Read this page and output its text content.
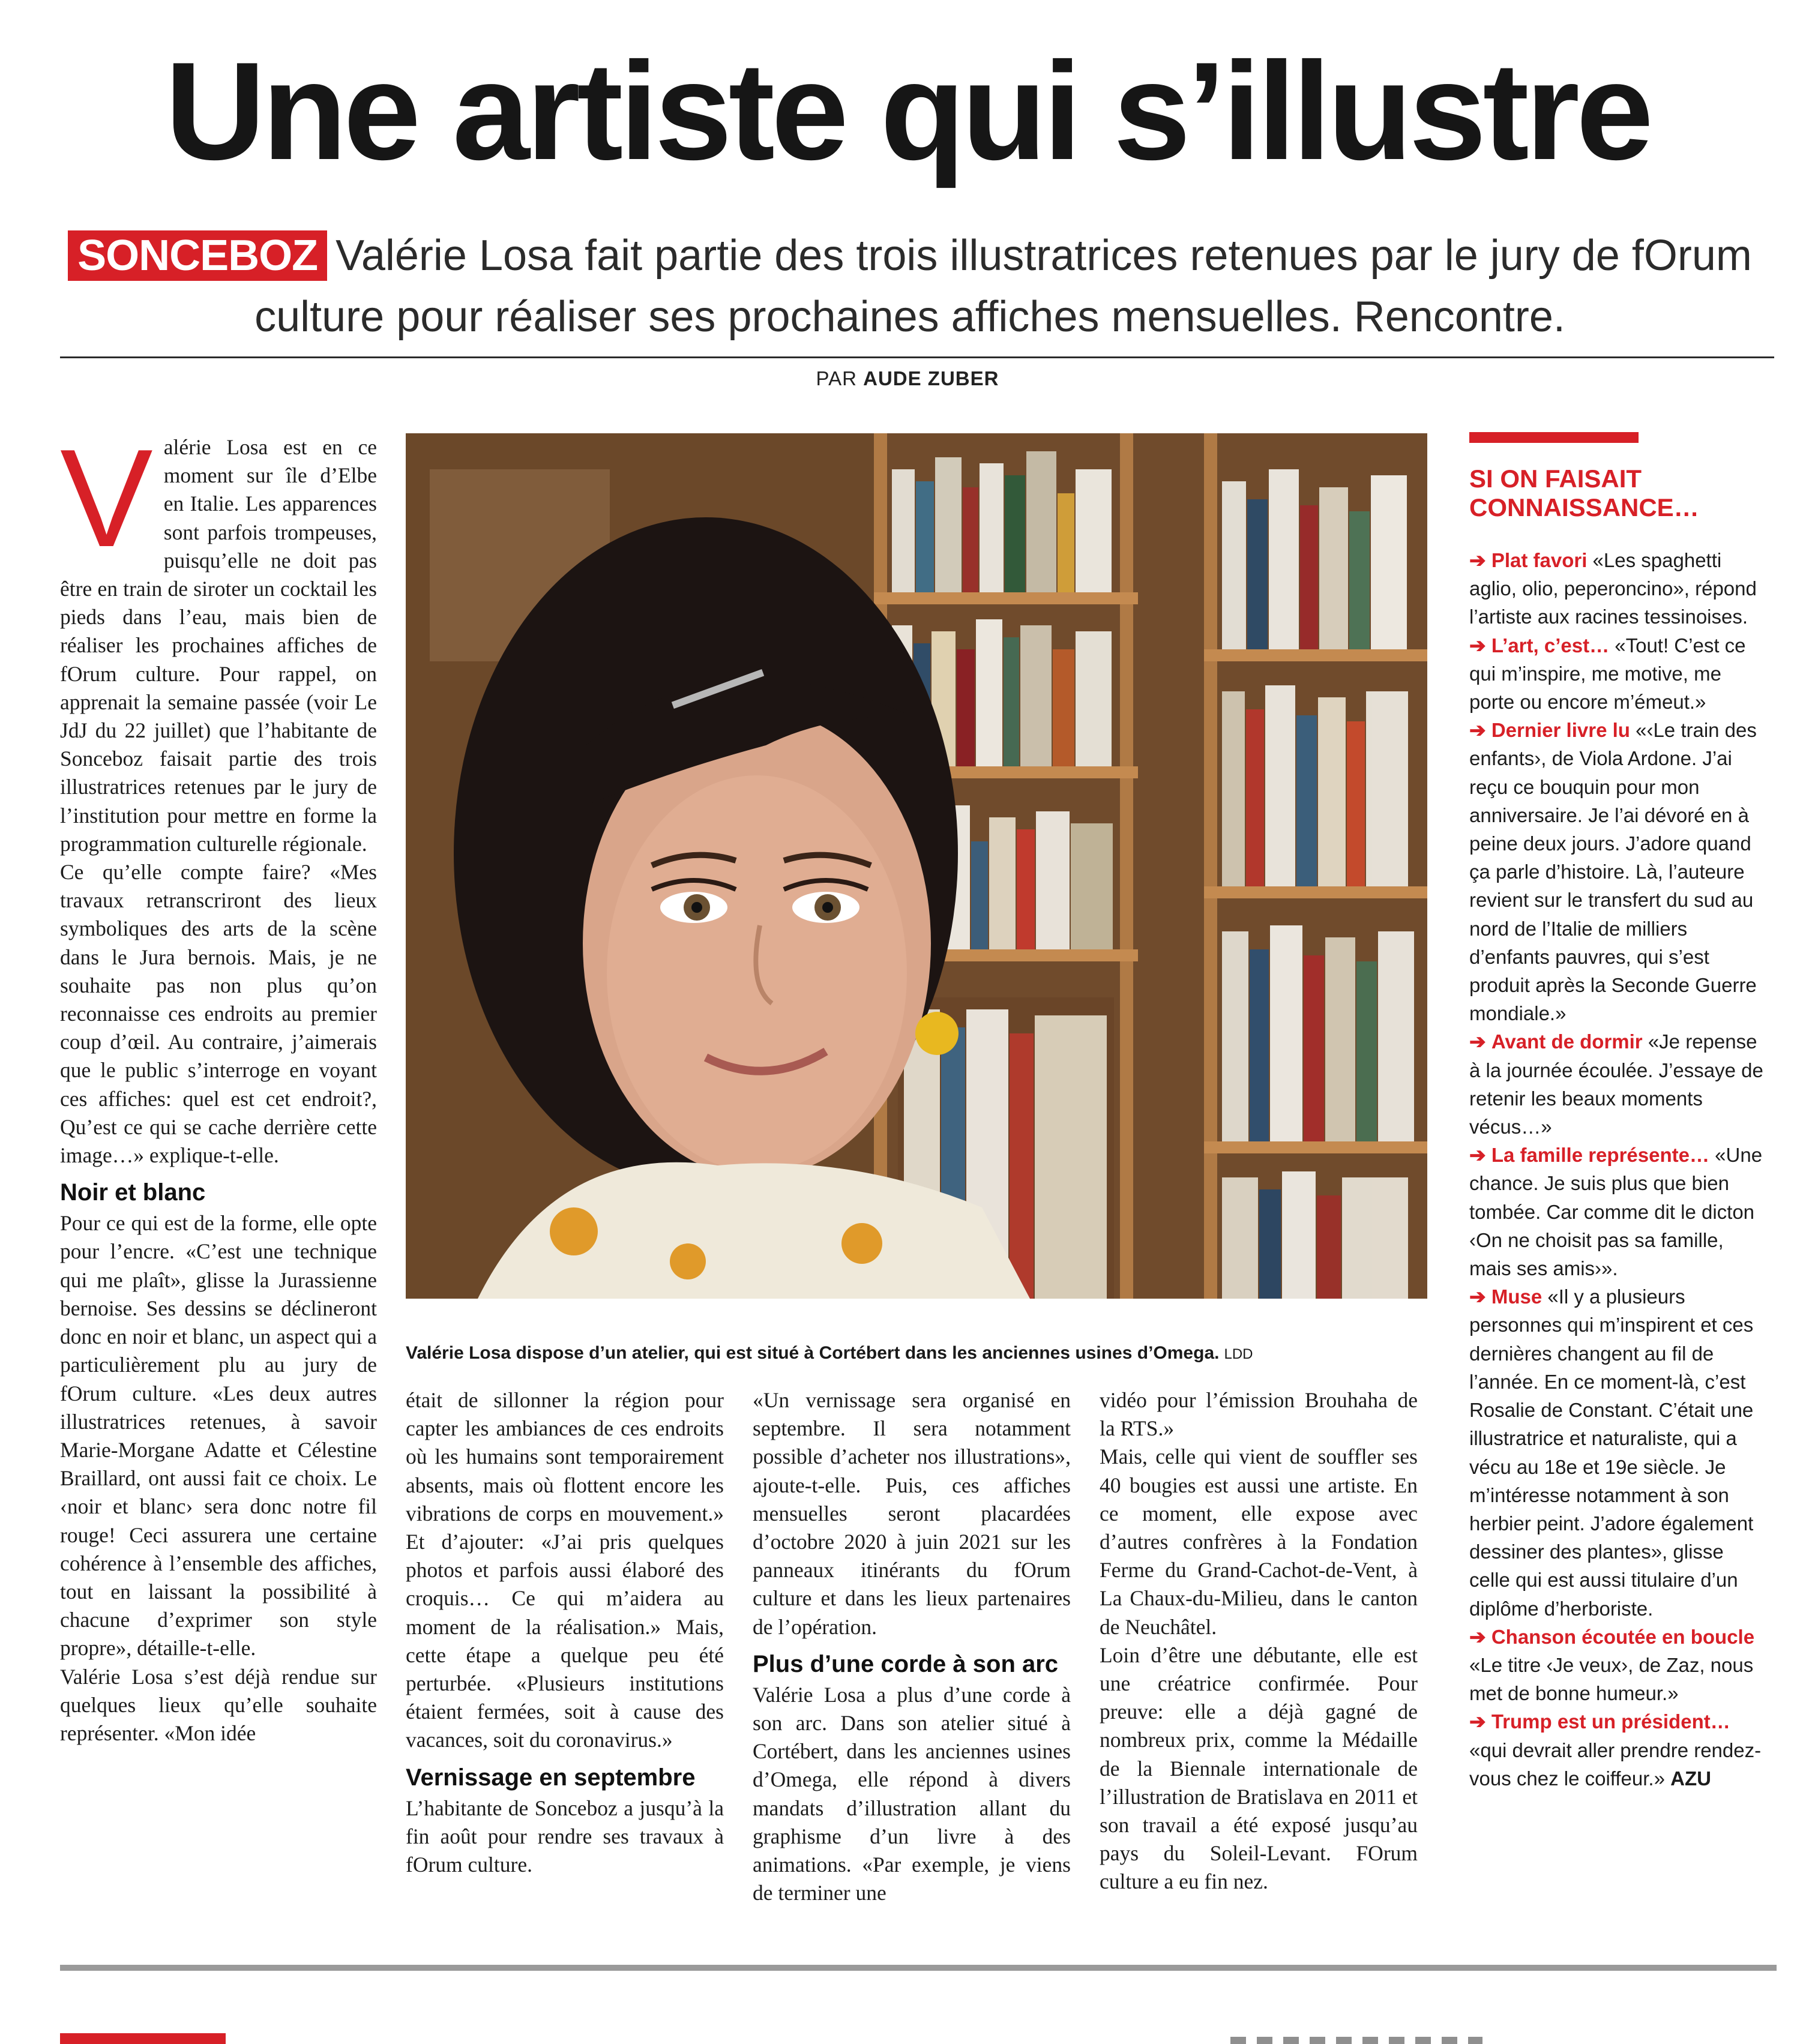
Une artiste qui s’illustre
SONCEBOZ Valérie Losa fait partie des trois illustratrices retenues par le jury de fOrum
culture pour réaliser ses prochaines affiches mensuelles. Rencontre.
PAR AUDE ZUBER
V alérie Losa est en ce moment sur île d’Elbe en Italie. Les apparences sont parfois trompeuses, puisqu’elle ne doit pas être en train de siroter un cocktail les pieds dans l’eau, mais bien de réaliser les prochaines affiches de fOrum culture. Pour rappel, on apprenait la semaine passée (voir Le JdJ du 22 juillet) que l’habitante de Sonceboz faisait partie des trois illustratrices retenues par le jury de l’institution pour mettre en forme la programmation culturelle régionale.

Ce qu’elle compte faire? «Mes travaux retranscriront des lieux symboliques des arts de la scène dans le Jura bernois. Mais, je ne souhaite pas non plus qu’on reconnaisse ces endroits au premier coup d’œil. Au contraire, j’aimerais que le public s’interroge en voyant ces affiches: quel est cet endroit?, Qu’est ce qui se cache derrière cette image…» explique-t-elle.

Noir et blanc

Pour ce qui est de la forme, elle opte pour l’encre. «C’est une technique qui me plaît», glisse la Jurassienne bernoise. Ses dessins se déclineront donc en noir et blanc, un aspect qui a particulièrement plu au jury de fOrum culture. «Les deux autres illustratrices retenues, à savoir Marie-Morgane Adatte et Célestine Braillard, ont aussi fait ce choix. Le ‹noir et blanc› sera donc notre fil rouge! Ceci assurera une certaine cohérence à l’ensemble des affiches, tout en laissant la possibilité à chacune d’exprimer son style propre», détaille-t-elle.

Valérie Losa s’est déjà rendue sur quelques lieux qu’elle souhaite représenter. «Mon idée

Valérie Losa dispose d’un atelier, qui est situé à Cortébert dans les anciennes usines d’Omega. LDD

était de sillonner la région pour capter les ambiances de ces endroits où les humains sont temporairement absents, mais où flottent encore les vibrations de corps en mouvement.» Et d’ajouter: «J’ai pris quelques photos et parfois aussi élaboré des croquis… Ce qui m’aidera au moment de la réalisation.» Mais, cette étape a quelque peu été perturbée. «Plusieurs institutions étaient fermées, soit à cause des vacances, soit du coronavirus.»

Vernissage en septembre

L’habitante de Sonceboz a jusqu’à la fin août pour rendre ses travaux à fOrum culture.

«Un vernissage sera organisé en septembre. Il sera notamment possible d’acheter nos illustrations», ajoute-t-elle. Puis, ces affiches mensuelles seront placardées d’octobre 2020 à juin 2021 sur les panneaux itinérants du fOrum culture et dans les lieux partenaires de l’opération.

Plus d’une corde à son arc

Valérie Losa a plus d’une corde à son arc. Dans son atelier situé à Cortébert, dans les anciennes usines d’Omega, elle répond à divers mandats d’illustration allant du graphisme d’un livre à des animations. «Par exemple, je viens de terminer une

vidéo pour l’émission Brouhaha de la RTS.»

Mais, celle qui vient de souffler ses 40 bougies est aussi une artiste. En ce moment, elle expose avec d’autres confrères à la Fondation Ferme du Grand-Cachot-de-Vent, à La Chaux-du-Milieu, dans le canton de Neuchâtel.

Loin d’être une débutante, elle est une créatrice confirmée. Pour preuve: elle a déjà gagné de nombreux prix, comme la Médaille de la Biennale internationale de l’illustration de Bratislava en 2011 et son travail a été exposé jusqu’au pays du Soleil-Levant. FOrum culture a eu fin nez.

SI ON FAISAIT
CONNAISSANCE…
➔ Plat favori «Les spaghetti aglio, olio, peperoncino», répond l’artiste aux racines tessinoises.
➔ L’art, c’est… «Tout! C’est ce qui m’inspire, me motive, me porte ou encore m’émeut.»
➔ Dernier livre lu «‹Le train des enfants›, de Viola Ardone. J’ai reçu ce bouquin pour mon anniversaire. Je l’ai dévoré en à peine deux jours. J’adore quand ça parle d’histoire. Là, l’auteure revient sur le transfert du sud au nord de l’Italie de milliers d’enfants pauvres, qui s’est produit après la Seconde Guerre mondiale.»
➔ Avant de dormir «Je repense à la journée écoulée. J’essaye de retenir les beaux moments vécus…»
➔ La famille représente… «Une chance. Je suis plus que bien tombée. Car comme dit le dicton ‹On ne choisit pas sa famille, mais ses amis›».
➔ Muse «Il y a plusieurs personnes qui m’inspirent et ces dernières changent au fil de l’année. En ce moment-là, c’est Rosalie de Constant. C’était une illustratrice et naturaliste, qui a vécu au 18e et 19e siècle. Je m’intéresse notamment à son herbier peint. J’adore également dessiner des plantes», glisse celle qui est aussi titulaire d’un diplôme d’herboriste.
➔ Chanson écoutée en boucle «Le titre ‹Je veux›, de Zaz, nous met de bonne humeur.»
➔ Trump est un président… «qui devrait aller prendre rendez-vous chez le coiffeur.» AZU
